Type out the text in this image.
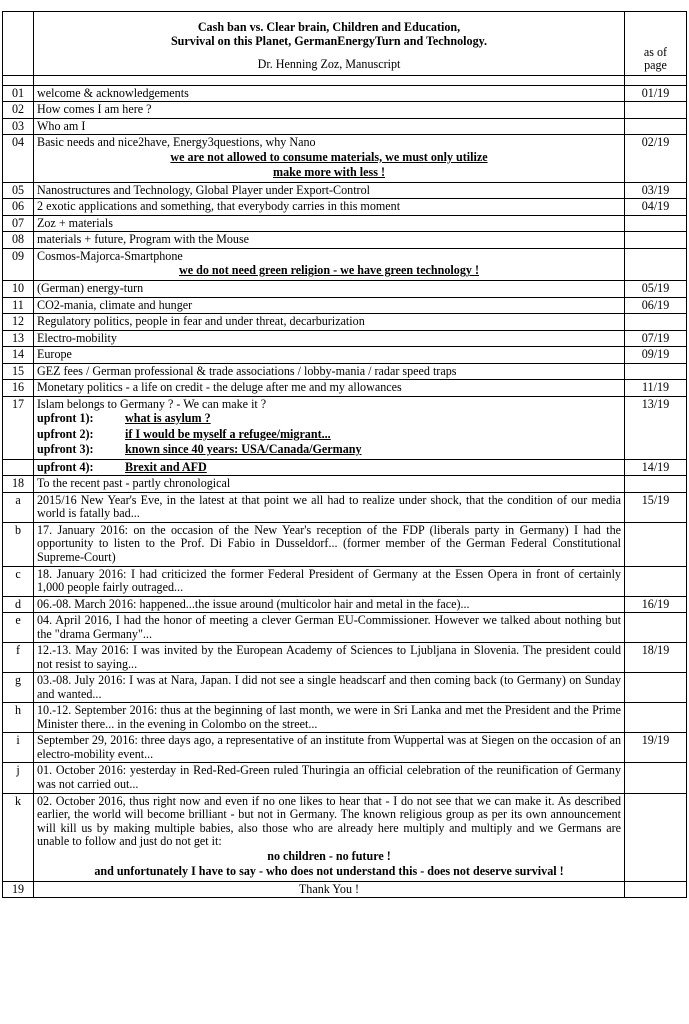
	Cash ban vs. Clear brain, Children and Education,
Survival on this Planet, GermanEnergyTurn and Technology.
Dr. Henning Zoz, Manuscript	as of
page

01	welcome & acknowledgements	01/19
02	How comes I am here ?	
03	Who am I	
04	Basic needs and nice2have, Energy3questions, why Nano
we are not allowed to consume materials, we must only utilize
make more with less !	02/19
05	Nanostructures and Technology, Global Player under Export-Control	03/19
06	2 exotic applications and something, that everybody carries in this moment	04/19
07	Zoz + materials	
08	materials + future, Program with the Mouse	
09	Cosmos-Majorca-Smartphone
we do not need green religion - we have green technology !	

10	(German) energy-turn	05/19
11	CO2-mania, climate and hunger	06/19
12	Regulatory politics, people in fear and under threat, decarburization	
13	Electro-mobility	07/19
14	Europe	09/19
15	GEZ fees / German professional & trade associations / lobby-mania / radar speed traps	
16	Monetary politics - a life on credit - the deluge after me and my allowances	11/19
17	Islam belongs to Germany ? - We can make it ?
upfront 1): what is asylum ?
upfront 2): if I would be myself a refugee/migrant...
upfront 3): known since 40 years: USA/Canada/Germany	13/19
	upfront 4): Brexit and AFD	14/19
18	To the recent past - partly chronological	
a	2015/16 New Year's Eve, in the latest at that point we all had to realize under shock, that the condition of our media world is fatally bad...	15/19
b	17. January 2016: on the occasion of the New Year's reception of the FDP (liberals party in Germany) I had the opportunity to listen to the Prof. Di Fabio in Dusseldorf... (former member of the German Federal Constitutional Supreme-Court)	
c	18. January 2016: I had criticized the former Federal President of Germany at the Essen Opera in front of certainly 1,000 people fairly outraged...	
d	06.-08. March 2016: happened...the issue around (multicolor hair and metal in the face)...	16/19
e	04. April 2016, I had the honor of meeting a clever German EU-Commissioner. However we talked about nothing but the "drama Germany"...	
f	12.-13. May 2016: I was invited by the European Academy of Sciences to Ljubljana in Slovenia. The president could not resist to saying...	18/19
g	03.-08. July 2016: I was at Nara, Japan. I did not see a single headscarf and then coming back (to Germany) on Sunday and wanted...	
h	10.-12. September 2016: thus at the beginning of last month, we were in Sri Lanka and met the President and the Prime Minister there... in the evening in Colombo on the street...	
i	September 29, 2016: three days ago, a representative of an institute from Wuppertal was at Siegen on the occasion of an electro-mobility event...	19/19
j	01. October 2016: yesterday in Red-Red-Green ruled Thuringia an official celebration of the reunification of Germany was not carried out...	
k	02. October 2016, thus right now and even if no one likes to hear that - I do not see that we can make it. As described earlier, the world will become brilliant - but not in Germany. The known religious group as per its own announcement will kill us by making multiple babies, also those who are already here multiply and multiply and we Germans are unable to follow and just do not get it:
no children - no future !
and unfortunately I have to say - who does not understand this - does not deserve survival !	

19	Thank You !	
